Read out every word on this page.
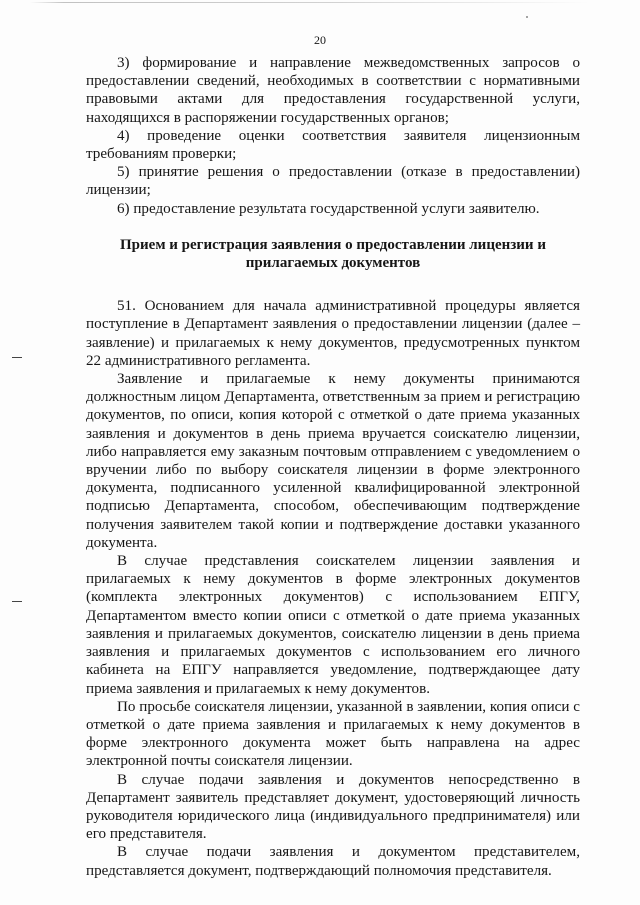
20

3) формирование и направление межведомственных запросов о предоставлении сведений, необходимых в соответствии с нормативными правовыми актами для предоставления государственной услуги, находящихся в распоряжении государственных органов;

4) проведение оценки соответствия заявителя лицензионным требованиям проверки;

5) принятие решения о предоставлении (отказе в предоставлении) лицензии;

6) предоставление результата государственной услуги заявителю.

Прием и регистрация заявления о предоставлении лицензии и прилагаемых документов

51. Основанием для начала административной процедуры является поступление в Департамент заявления о предоставлении лицензии (далее – заявление) и прилагаемых к нему документов, предусмотренных пунктом 22 административного регламента.

Заявление и прилагаемые к нему документы принимаются должностным лицом Департамента, ответственным за прием и регистрацию документов, по описи, копия которой с отметкой о дате приема указанных заявления и документов в день приема вручается соискателю лицензии, либо направляется ему заказным почтовым отправлением с уведомлением о вручении либо по выбору соискателя лицензии в форме электронного документа, подписанного усиленной квалифицированной электронной подписью Департамента, способом, обеспечивающим подтверждение получения заявителем такой копии и подтверждение доставки указанного документа.

В случае представления соискателем лицензии заявления и прилагаемых к нему документов в форме электронных документов (комплекта электронных документов) с использованием ЕПГУ, Департаментом вместо копии описи с отметкой о дате приема указанных заявления и прилагаемых документов, соискателю лицензии в день приема заявления и прилагаемых документов с использованием его личного кабинета на ЕПГУ направляется уведомление, подтверждающее дату приема заявления и прилагаемых к нему документов.

По просьбе соискателя лицензии, указанной в заявлении, копия описи с отметкой о дате приема заявления и прилагаемых к нему документов в форме электронного документа может быть направлена на адрес электронной почты соискателя лицензии.

В случае подачи заявления и документов непосредственно в Департамент заявитель представляет документ, удостоверяющий личность руководителя юридического лица (индивидуального предпринимателя) или его представителя.

В случае подачи заявления и документом представителем, представляется документ, подтверждающий полномочия представителя.
